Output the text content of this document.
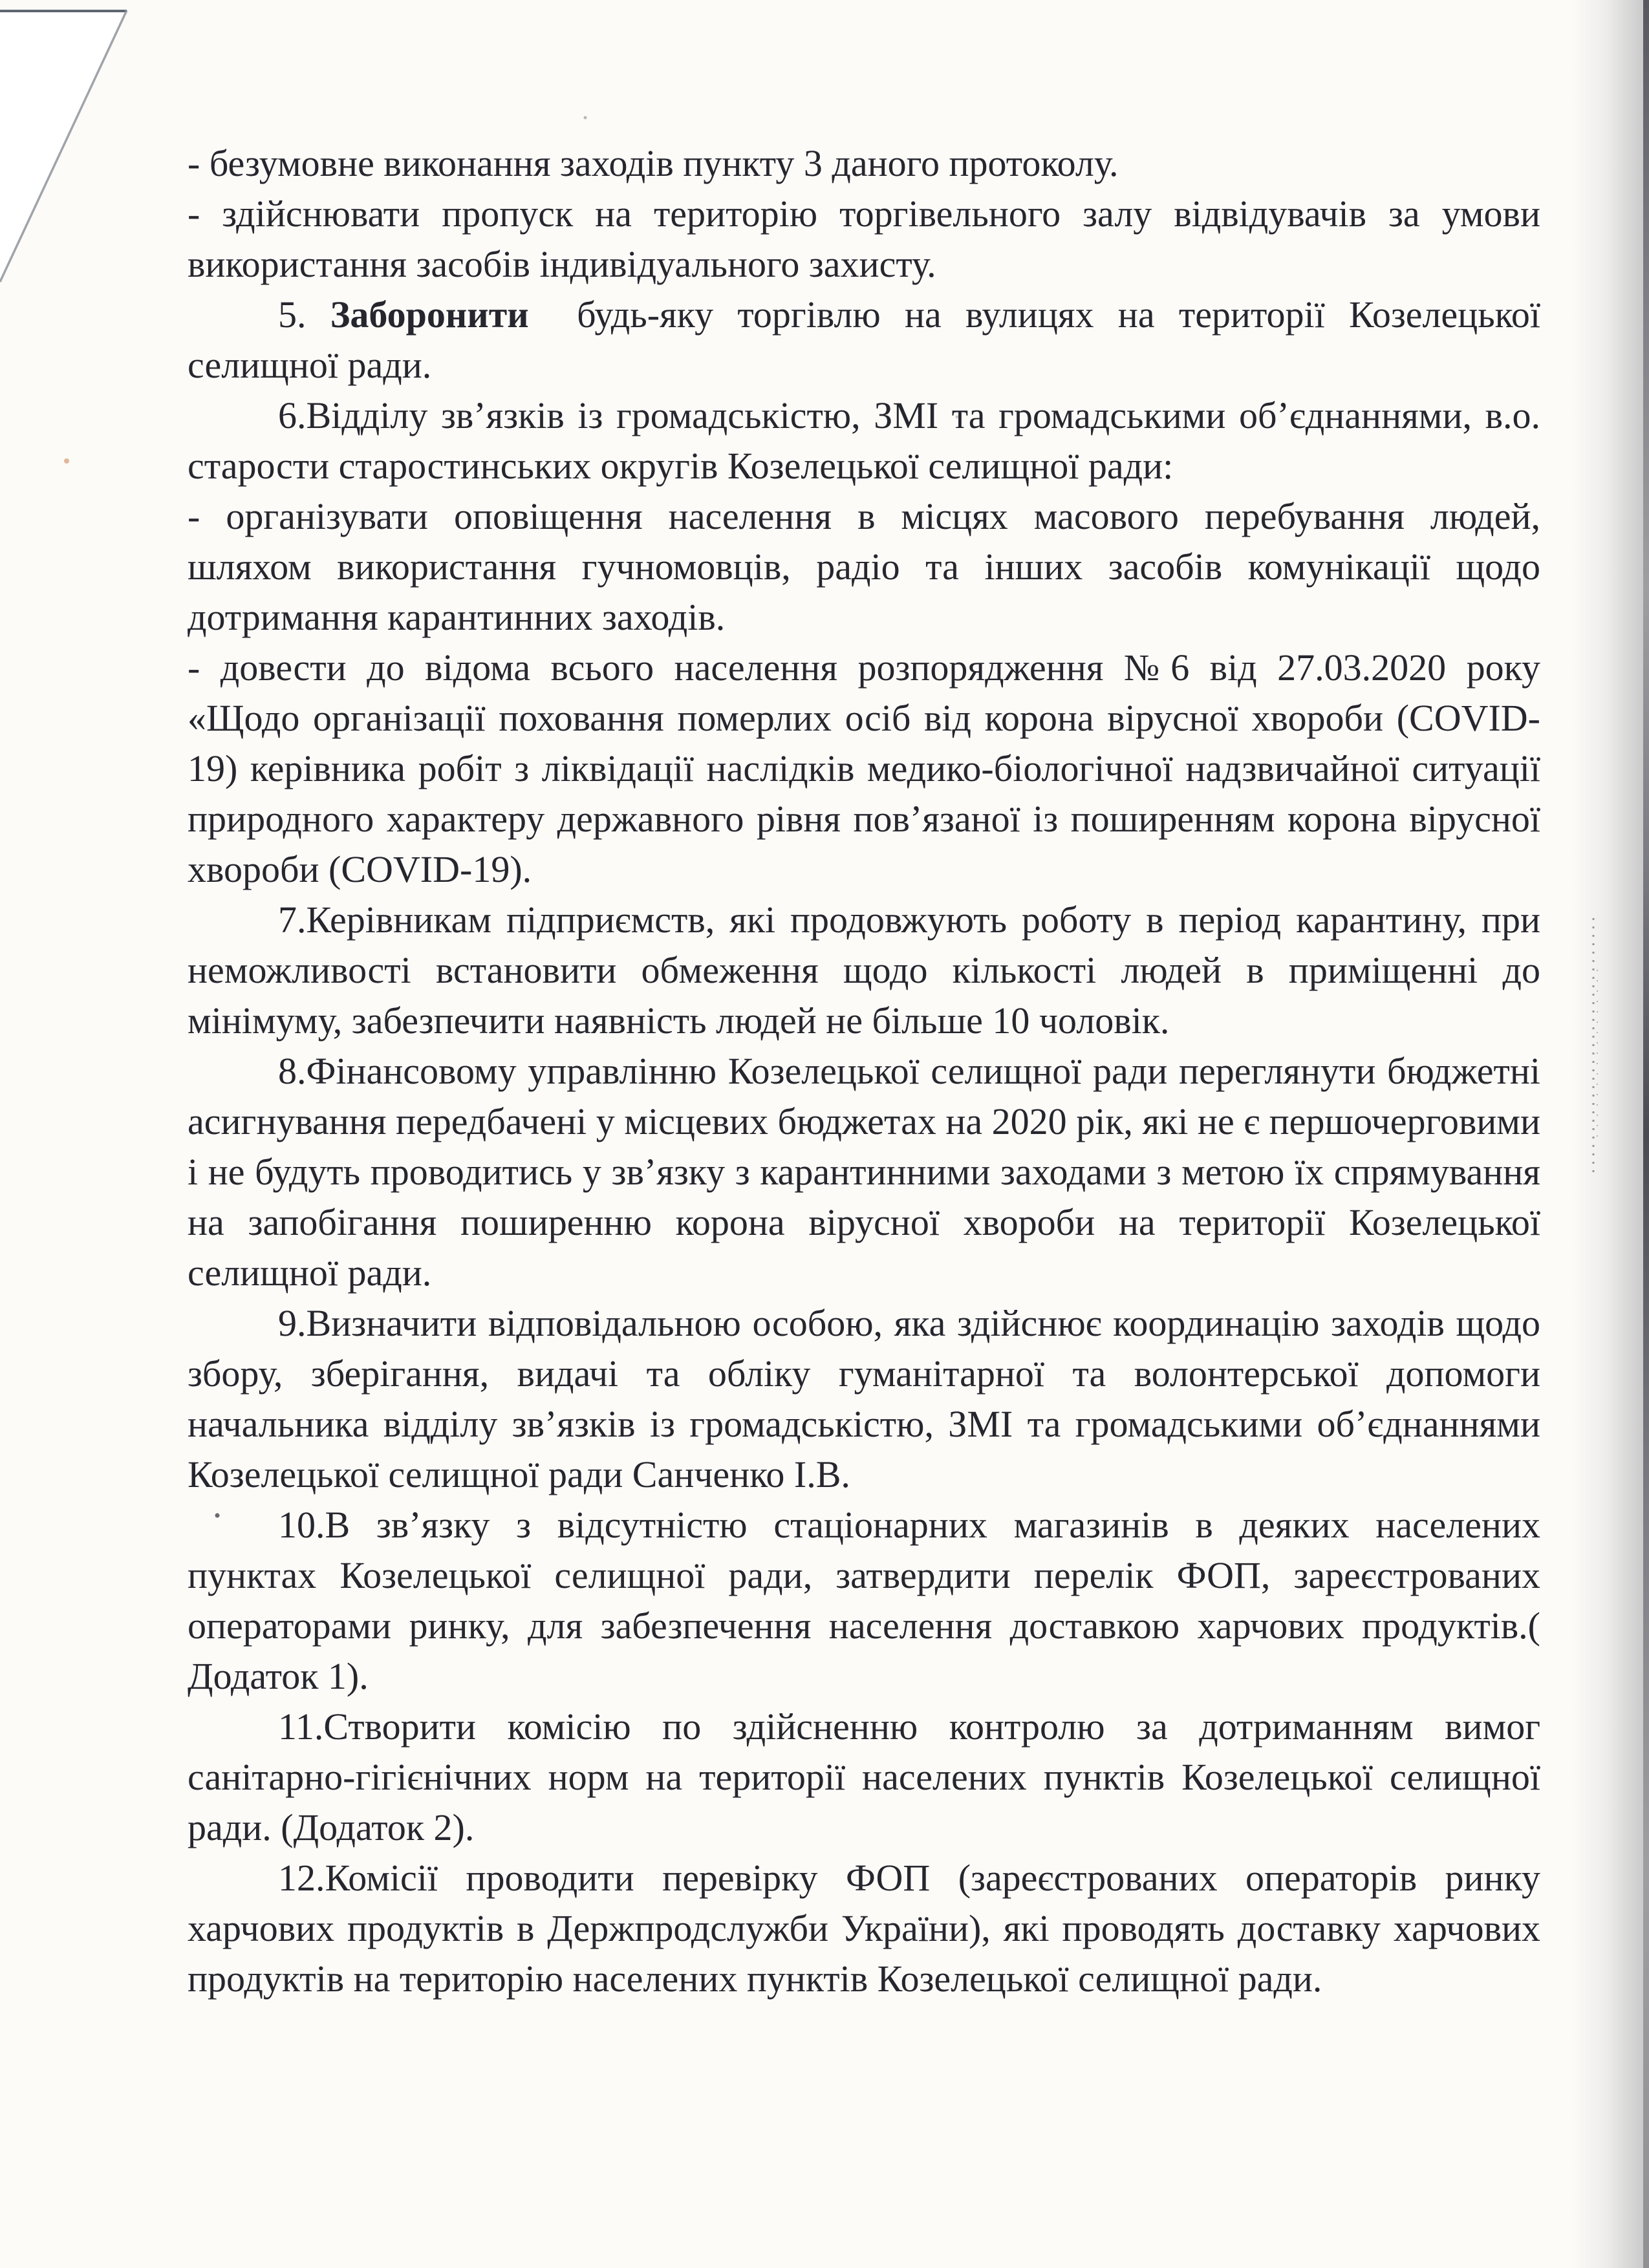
- безумовне виконання заходів пункту 3 даного протоколу.

- здійснювати пропуск на територію торгівельного залу відвідувачів за умови використання засобів індивідуального захисту.

5. Заборонити  будь-яку торгівлю на вулицях на території Козелецької селищної ради.

6.Відділу зв’язків із громадськістю, ЗМІ та громадськими об’єднаннями, в.о. старости старостинських округів Козелецької селищної ради:

- організувати оповіщення населення в місцях масового перебування людей, шляхом використання гучномовців, радіо та інших засобів комунікації щодо дотримання карантинних заходів.

- довести до відома всього населення розпорядження №6 від 27.03.2020 року «Щодо організації поховання померлих осіб від корона вірусної хвороби (COVID-19) керівника робіт з ліквідації наслідків медико-біологічної надзвичайної ситуації природного характеру державного рівня пов’язаної із поширенням корона вірусної хвороби (COVID-19).

7.Керівникам підприємств, які продовжують роботу в період карантину, при неможливості встановити обмеження щодо кількості людей в приміщенні до мінімуму, забезпечити наявність людей не більше 10 чоловік.

8.Фінансовому управлінню Козелецької селищної ради переглянути бюджетні асигнування передбачені у місцевих бюджетах на 2020 рік, які не є першочерговими і не будуть проводитись у зв’язку з карантинними заходами з метою їх спрямування на запобігання поширенню корона вірусної хвороби на території Козелецької селищної ради.

9.Визначити відповідальною особою, яка здійснює координацію заходів щодо збору, зберігання, видачі та обліку гуманітарної та волонтерської допомоги начальника відділу зв’язків із громадськістю, ЗМІ та громадськими об’єднаннями Козелецької селищної ради Санченко І.В.

10.В зв’язку з відсутністю стаціонарних магазинів в деяких населених пунктах Козелецької селищної ради, затвердити перелік ФОП, зареєстрованих операторами ринку, для забезпечення населення доставкою харчових продуктів.( Додаток 1).

11.Створити комісію по здійсненню контролю за дотриманням вимог санітарно-гігієнічних норм на території населених пунктів Козелецької селищної ради. (Додаток 2).

12.Комісії проводити перевірку ФОП (зареєстрованих операторів ринку харчових продуктів в Держпродслужби України), які проводять доставку харчових продуктів на територію населених пунктів Козелецької селищної ради.
